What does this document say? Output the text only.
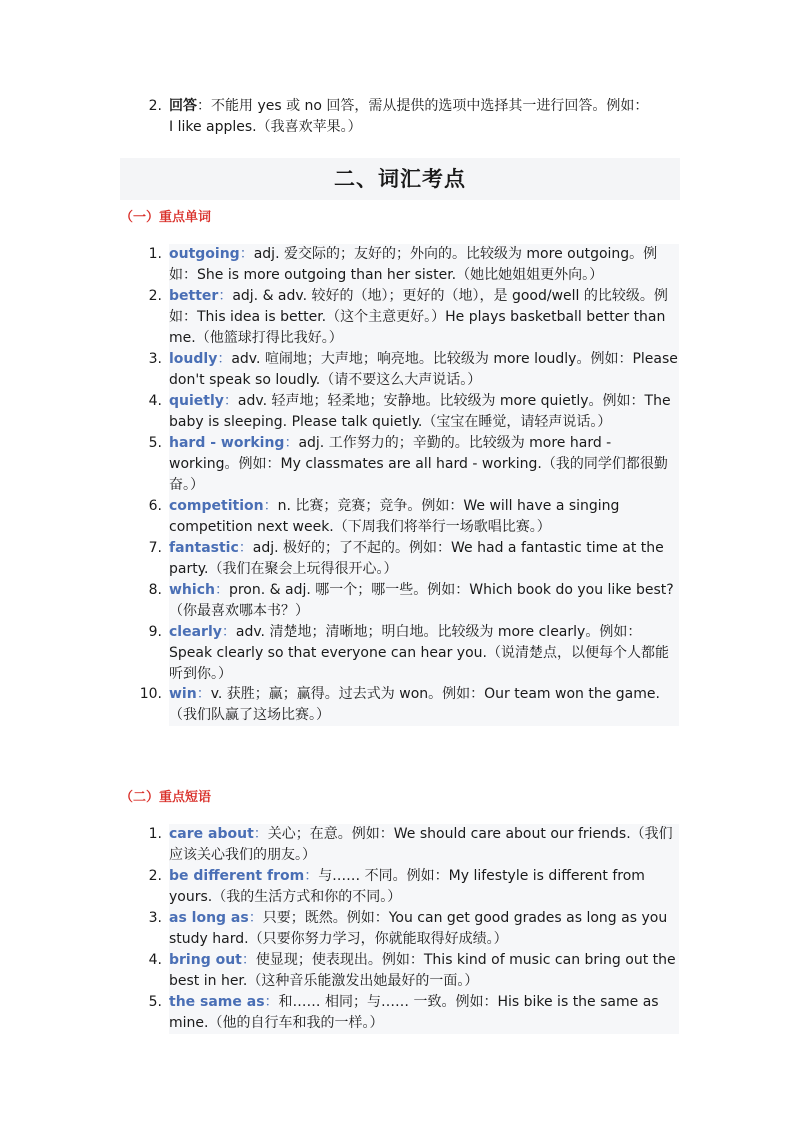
2. 回答：不能用 yes 或 no 回答，需从提供的选项中选择其一进行回答。例如：
I like apples.（我喜欢苹果。）
二、词汇考点
（一）重点单词
1. outgoing：adj. 爱交际的；友好的；外向的。比较级为 more outgoing。例如：She is more outgoing than her sister.（她比她姐姐更外向。）
2. better：adj. & adv. 较好的（地）；更好的（地），是 good/well 的比较级。例如：This idea is better.（这个主意更好。）He plays basketball better than me.（他篮球打得比我好。）
3. loudly：adv. 喧闹地；大声地；响亮地。比较级为 more loudly。例如：Please don't speak so loudly.（请不要这么大声说话。）
4. quietly：adv. 轻声地；轻柔地；安静地。比较级为 more quietly。例如：The baby is sleeping. Please talk quietly.（宝宝在睡觉，请轻声说话。）
5. hard - working：adj. 工作努力的；辛勤的。比较级为 more hard - working。例如：My classmates are all hard - working.（我的同学们都很勤奋。）
6. competition：n. 比赛；竞赛；竞争。例如：We will have a singing competition next week.（下周我们将举行一场歌唱比赛。）
7. fantastic：adj. 极好的；了不起的。例如：We had a fantastic time at the party.（我们在聚会上玩得很开心。）
8. which：pron. & adj. 哪一个；哪一些。例如：Which book do you like best?（你最喜欢哪本书？）
9. clearly：adv. 清楚地；清晰地；明白地。比较级为 more clearly。例如：Speak clearly so that everyone can hear you.（说清楚点，以便每个人都能听到你。）
10. win：v. 获胜；赢；赢得。过去式为 won。例如：Our team won the game.（我们队赢了这场比赛。）
（二）重点短语
1. care about：关心；在意。例如：We should care about our friends.（我们应该关心我们的朋友。）
2. be different from：与…… 不同。例如：My lifestyle is different from yours.（我的生活方式和你的不同。）
3. as long as：只要；既然。例如：You can get good grades as long as you study hard.（只要你努力学习，你就能取得好成绩。）
4. bring out：使显现；使表现出。例如：This kind of music can bring out the best in her.（这种音乐能激发出她最好的一面。）
5. the same as：和…… 相同；与…… 一致。例如：His bike is the same as mine.（他的自行车和我的一样。）
